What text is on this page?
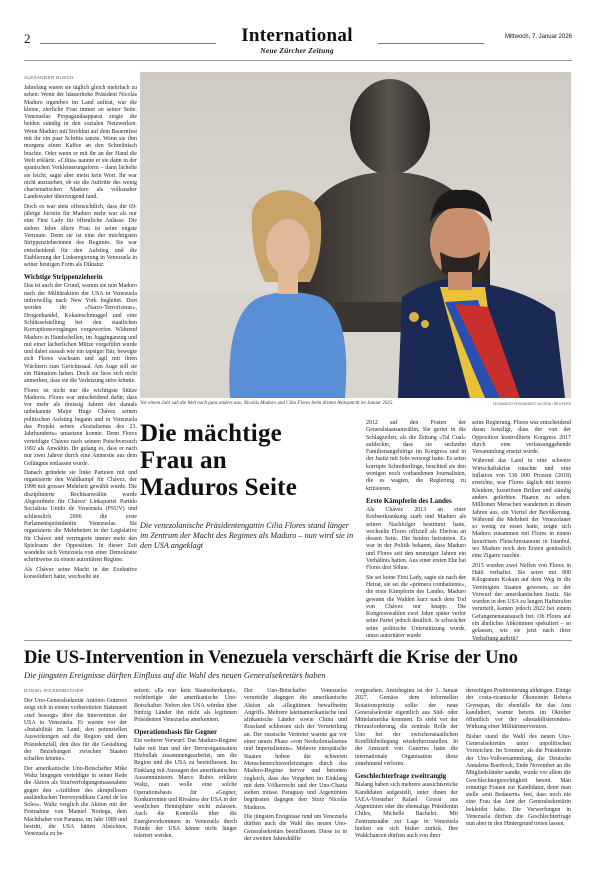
2	International
Neue Zürcher Zeitung
Mittwoch, 7. Januar 2026
ALEXANDER BUSCH
Jahrelang waren sie täglich gleich mehrfach zu sehen: Wenn der häuserhohe Präsident Nicolás Maduro irgendwo im Land auftrat, war die kleine, zierliche Frau immer an seiner Seite. Venezuelas Propagandaapparat zeigte die beiden ständig in den sozialen Netzwerken. Wenn Maduro mit Strohhut auf dem Bauernfest mit ihr ein paar Schritte tanzte. Wenn sie ihm morgens einen Kaffee an den Schreibtisch brachte. Oder wenn er mit ihr an der Hand die Welt erklärte. «Cilita» nannte er sie dann in der spanischen Verkleinerungsform – dann lächelte sie leicht, sagte aber meist kein Wort. Ihr war nicht anzusehen, ob sie die Auftritte des wenig charismatischen Maduro als volksnaher Landesvater überzeugend fand.
Doch es war stets offensichtlich, dass die 69-jährige Juristin für Maduro mehr war als nur eine First Lady für öffentliche Anlässe. Die sieben Jahre ältere Frau ist seine engste Vertraute. Denn sie ist eine der mächtigsten Strippenzieherinnen des Regimes. Sie war entscheidend für den Aufstieg und die Etablierung der Linksregierung in Venezuela in seiner heutigen Form als Diktatur.
Wichtige Strippenzieherin
Das ist auch der Grund, warum sie nun Maduro nach der Militäraktion der USA in Venezuela unfreiwillig nach New York begleitet. Dort werden ihr «Narco-Terrorismus», Drogenhandel, Kokainschmuggel und eine Schlüsselstellung bei den staatlichen Korruptionsvorgängen vorgeworfen. Während Maduro in Handschellen, im Jogginganzug und mit einer lächerlichen Mütze vorgeführt wurde und dabei aussah wie ein tapsiger Bär, bewegte sich Flores wachsam und agil mit ihren Wächtern zum Gerichtssaal. Am Auge soll sie ein Hämatom haben. Doch sie liess sich nicht anmerken, dass sie die Verletzung störe könnte.
Flores ist nicht nur die wichtigste Stütze Maduros. Flores war entscheidend dafür, dass vor mehr als dreissig Jahren der damals unbekannte Major Hugo Chávez seinen politischen Aufstieg begann und in Venezuela das Projekt seines «Sozialismus des 21. Jahrhunderts» umsetzen konnte. Denn Flores verteidigte Chávez nach seinem Putschversuch 1992 als Anwältin. Ihr gelang es, dass er nach nur zwei Jahren durch eine Amnestie aus dem Gefängnis entlassen wurde.
Danach gründete sie linke Parteien mit und organisierte den Wahlkampf für Chávez, der 1998 mit grosser Mehrheit gewählt wurde. Die disziplinierte Rechtsanwältin wurde Abgeordnete für Chávez' Linkspartei Partido Socialista Unido de Venezuela (PSUV) und schliesslich 2006 die erste Parlamentspräsidentin Venezuelas. Sie organisierte die Mehrheiten in der Legislative für Chávez und verringerte immer mehr den Spielraum der Opposition. In dieser Zeit wandelte sich Venezuela von einer Demokratie schrittweise zu einem autoritären Regime.
Als Chávez seine Macht in der Exekutive konsolidiert hatte, wechselte sie
Vor einem Jahr sah die Welt noch ganz anders aus: Nicolás Maduro und Cilia Flores beim dritten Amtsantritt im Januar 2025.	LEONARDO FERNÁNDEZ VILORIA / REUTERS
Die mächtige Frau an Maduros Seite
Die venezolanische Präsidentengattin Cilia Flores stand länger im Zentrum der Macht des Regimes als Maduro – nun wird sie in den USA angeklagt
2012 auf den Posten der Generalstaatsanwältin. Sie geriet in die Schlagzeilen, als die Zeitung «Tal Cual» aufdeckte, dass sie sechzehn Familienangehörige im Kongress und in der Justiz mit Jobs versorgt hatte. Es seien korrupte Schreiberlinge, beschied sie den wenigen noch vorhandenen Journalisten, die es wagten, die Regierung zu kritisieren.
Erste Kämpferin des Landes
Als Chávez 2013 an einer Krebserkrankung starb und Maduro als seinen Nachfolger bestimmt hatte, wechselte Flores offiziell als Ehefrau an dessen Seite. Die beiden heirateten. Es war in der Politik bekannt, dass Maduro und Flores seit den neunziger Jahren ein Verhältnis hatten. Aus einer ersten Ehe hat Flores drei Söhne.
Sie sei keine First Lady, sagte sie nach der Heirat, sie sei die «primera combatiente», die erste Kämpferin des Landes. Maduro gewann die Wahlen kurz nach dem Tod von Chávez nur knapp. Die Kongresswahlen zwei Jahre später verlor seine Partei jedoch deutlich. Je schwächer seine politische Unterstützung wurde, umso autoritärer wurde
seine Regierung. Flores war entscheidend daran beteiligt, dass der von der Opposition kontrollierte Kongress 2017 durch eine verfassunggebende Versammlung ersetzt wurde.
Während das Land in eine schwere Wirtschaftskrise rutschte und eine Inflation von 130 000 Prozent (2018) erreichte, war Flores täglich mit teuren Kleidern, luxuriösen Brillen und ständig anders gefärbten Haaren zu sehen. Millionen Menschen wanderten in diesen Jahren aus, ein Viertel der Bevölkerung. Während die Mehrheit der Venezolaner so wenig zu essen hatte, zeigte sich Maduro zusammen mit Flores in einem luxuriösen Fleischrestaurant in Istanbul, wo Maduro noch den Ersten genüsslich eine Zigarre rauchte.
2015 wurden zwei Neffen von Flores in Haiti verhaftet. Sie seien mit 800 Kilogramm Kokain auf dem Weg in die Vereinigten Staaten gewesen, so der Vorwurf der amerikanischen Justiz. Sie wurden in den USA zu langen Haftstrafen verurteilt, kamen jedoch 2022 bei einem Gefangenenaustausch frei. Ob Flores auf ein ähnliches Abkommen spekuliert – so gelassen, wie sie jetzt nach ihrer Verhaftung auftritt?
Die US-Intervention in Venezuela verschärft die Krise der Uno
Die jüngsten Ereignisse dürften Einfluss auf die Wahl des neuen Generalsekretärs haben
DANIEL RICKENBACHER
Der Uno-Generalsekretär António Guterres zeigt sich in einem vorbereiteten Statement «tief besorgt» über die Intervention der USA in Venezuela. Er warnte vor der «Instabilität im Land, den potenziellen Auswirkungen auf die Region und dem Präzedenzfall, den dies für die Gestaltung der Beziehungen zwischen Staaten schaffen könnte».
Der amerikanische Uno-Botschafter Mike Waltz hingegen verteidigte in seiner Rede die Aktion als Strafverfolgungsmassnahme gegen den «Anführer des skrupellosen ausländischen Terrorsyndikats Cartel de los Soles». Waltz verglich die Aktion mit der Festnahme von Manuel Noriega, dem Machthaber von Panama, im Jahr 1989 und bestritt, die USA hätten Absichten, Venezuela zu be-
setzen. «Es war kein Staatsoberhaupt», rechtfertigte der amerikanische Uno-Botschafter. Neben den USA würden über fünfzig Länder ihn nicht als legitimen Präsidenten Venezuelas anerkennen.
Operationsbasis für Gegner
Ein weiterer Vorwurf: Das Maduro-Regime habe mit Iran und der Terrororganisation Hizbullah zusammengearbeitet, um die Region und die USA zu beeinflussen. Im Einklang mit Aussagen des amerikanischen Aussenministers Marco Rubio erklärte Waltz, man wolle eine solche Operationsbasis für «Gegner, Konkurrenten und Rivalen» der USA in der westlichen Hemisphäre nicht zulassen. Auch die Kontrolle über die Energievorkommen in Venezuela durch Feinde der USA könne nicht länger toleriert werden.
Der Uno-Botschafter Venezuelas verurteilte dagegen die amerikanische Aktion als «illegitimen bewaffneten Angriff». Mehrere lateinamerikanische und afrikanische Länder sowie China und Russland schlossen sich der Verurteilung an. Der russische Vertreter warnte gar vor einer neuen Phase «von Neokolonialismus und Imperialismus». Mehrere europäische Staaten hoben die schweren Menschenrechtsverletzungen durch das Maduro-Regime hervor und betonten zugleich, dass das Vorgehen im Einklang mit dem Völkerrecht und der Uno-Charta stehen müsse. Paraguay und Argentinien begrüssten dagegen den Sturz Nicolás Maduros.
Die jüngsten Ereignisse rund um Venezuela dürften auch die Wahl des neuen Uno-Generalsekretärs beeinflussen. Diese ist in der zweiten Jahreshälfte
vorgesehen. Amtsbeginn ist der 1. Januar 2027. Gemäss dem informellen Rotationsprinzip sollte der neue Generalsekretär eigentlich aus Süd- oder Mittelamerika kommen. Es sieht vor der Herausforderung, die zentrale Rolle der Uno bei der zwischenstaatlichen Konfliktbeilegung wiederherzustellen. In der Amtszeit von Guterres hatte die internationale Organisation diese zunehmend verloren.
Geschlechterfrage zweitrangig
Bislang haben sich mehrere aussichtsreiche Kandidaten aufgestellt, unter ihnen der IAEA-Vorsteher Rafael Grossi aus Argentinien oder die ehemalige Präsidentin Chiles, Michelle Bachelet. Mit Zentrumsnähe zur Lage in Venezuela hielten sie sich bisher zurück. Ihre Wahlchancen dürften auch von ihrer
derzeitigen Positionierung abhängen. Einige der costa-ricanische Ökonomin Rebeca Grynspan, die ebenfalls für das Amt kandidiert, warnte bereits im Oktober öffentlich vor der «destabilisierenden» Wirkung einer Militärintervention.
Bisher stand die Wahl des neuen Uno-Generalsekretärs unter unpolitischen Vorzeichen. Im Sommer, als die Präsidentin der Uno-Vollversammlung, die Deutsche Annalena Baerbock, Ende November an die Mitgliedsländer sandte, wurde vor allem die Geschlechtergerechtigkeit betont. Man ermutige Frauen zur Kandidatur, denn man stelle «mit Bedauern» fest, dass noch nie eine Frau das Amt der Generalsekretärin bekleidet habe. Die Verwerfungen in Venezuela dürften die Geschlechterfrage nun aber in den Hintergrund treten lassen.
